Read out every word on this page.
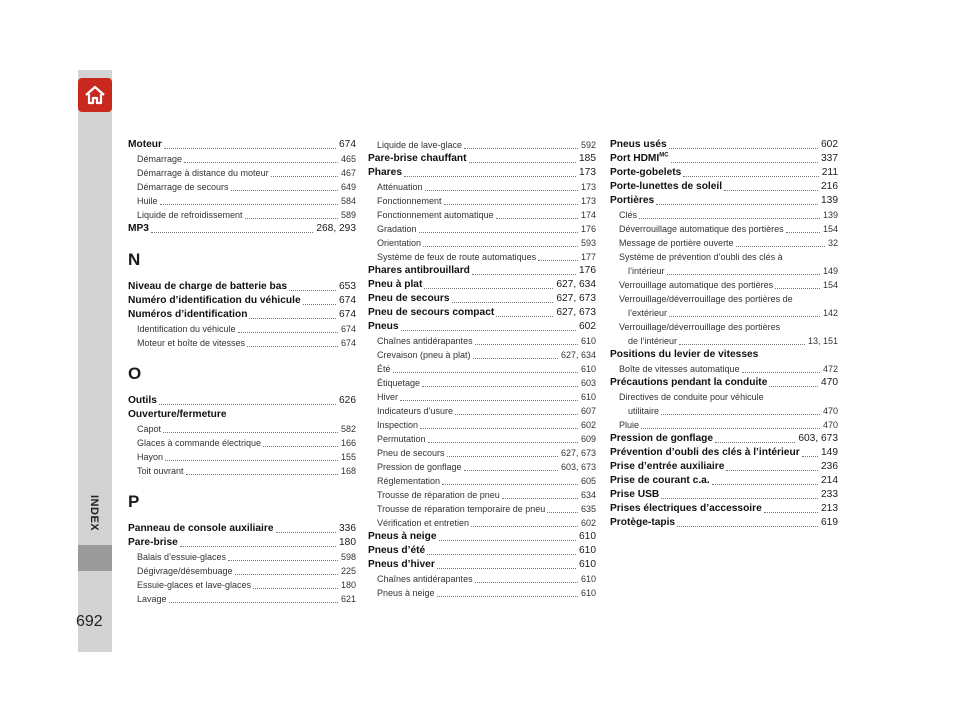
INDEX
692
Moteur	674
Démarrage	465
Démarrage à distance du moteur	467
Démarrage de secours	649
Huile	584
Liquide de refroidissement	589
MP3	268, 293
N
Niveau de charge de batterie bas	653
Numéro d’identification du véhicule	674
Numéros d’identification	674
Identification du véhicule	674
Moteur et boîte de vitesses	674
O
Outils	626
Ouverture/fermeture
Capot	582
Glaces à commande électrique	166
Hayon	155
Toit ouvrant	168
P
Panneau de console auxiliaire	336
Pare-brise	180
Balais d’essuie-glaces	598
Dégivrage/désembuage	225
Essuie-glaces et lave-glaces	180
Lavage	621
Liquide de lave-glace	592
Pare-brise chauffant	185
Phares	173
Atténuation	173
Fonctionnement	173
Fonctionnement automatique	174
Gradation	176
Orientation	593
Système de feux de route automatiques	177
Phares antibrouillard	176
Pneu à plat	627, 634
Pneu de secours	627, 673
Pneu de secours compact	627, 673
Pneus	602
Chaînes antidérapantes	610
Crevaison (pneu à plat)	627, 634
Été	610
Étiquetage	603
Hiver	610
Indicateurs d’usure	607
Inspection	602
Permutation	609
Pneu de secours	627, 673
Pression de gonflage	603, 673
Réglementation	605
Trousse de réparation de pneu	634
Trousse de réparation temporaire de pneu	635
Vérification et entretien	602
Pneus à neige	610
Pneus d’été	610
Pneus d’hiver	610
Chaînes antidérapantes	610
Pneus à neige	610
Pneus usés	602
Port $HDMI^{MC}$	337
Porte-gobelets	211
Porte-lunettes de soleil	216
Portières	139
Clés	139
Déverrouillage automatique des portières	154
Message de portière ouverte	32
Système de prévention d’oubli des clés à
l’intérieur	149
Verrouillage automatique des portières	154
Verrouillage/déverrouillage des portières de
l’extérieur	142
Verrouillage/déverrouillage des portières
de l’intérieur	13, 151
Positions du levier de vitesses
Boîte de vitesses automatique	472
Précautions pendant la conduite	470
Directives de conduite pour véhicule
utilitaire	470
Pluie	470
Pression de gonflage	603, 673
Prévention d’oubli des clés à l’intérieur 149
Prise d’entrée auxiliaire	236
Prise de courant c.a.	214
Prise USB	233
Prises électriques d’accessoire	213
Protège-tapis	619
